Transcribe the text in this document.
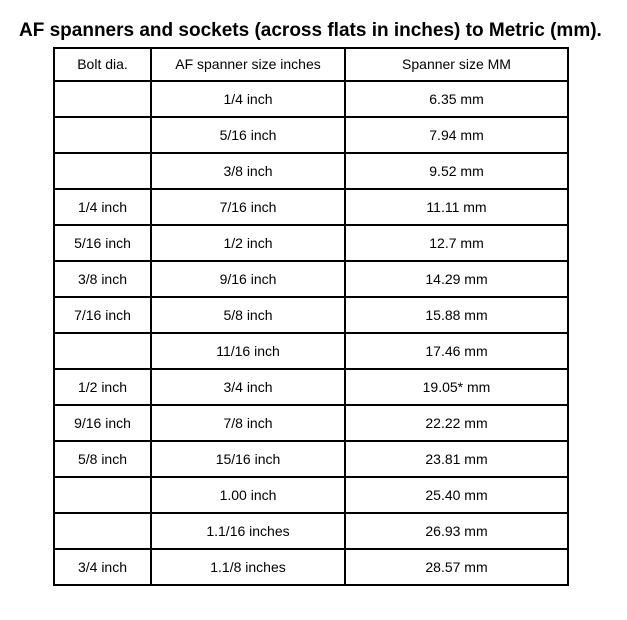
AF spanners and sockets (across flats in inches) to Metric (mm).
Bolt dia.	AF spanner size inches	Spanner size MM
	1/4 inch	6.35 mm
	5/16 inch	7.94 mm
	3/8 inch	9.52 mm
1/4 inch	7/16 inch	11.11 mm
5/16 inch	1/2 inch	12.7 mm
3/8 inch	9/16 inch	14.29 mm
7/16 inch	5/8 inch	15.88 mm
	11/16 inch	17.46 mm
1/2 inch	3/4 inch	19.05* mm
9/16 inch	7/8 inch	22.22 mm
5/8 inch	15/16 inch	23.81 mm
	1.00 inch	25.40 mm
	1.1/16 inches	26.93 mm
3/4 inch	1.1/8 inches	28.57 mm
